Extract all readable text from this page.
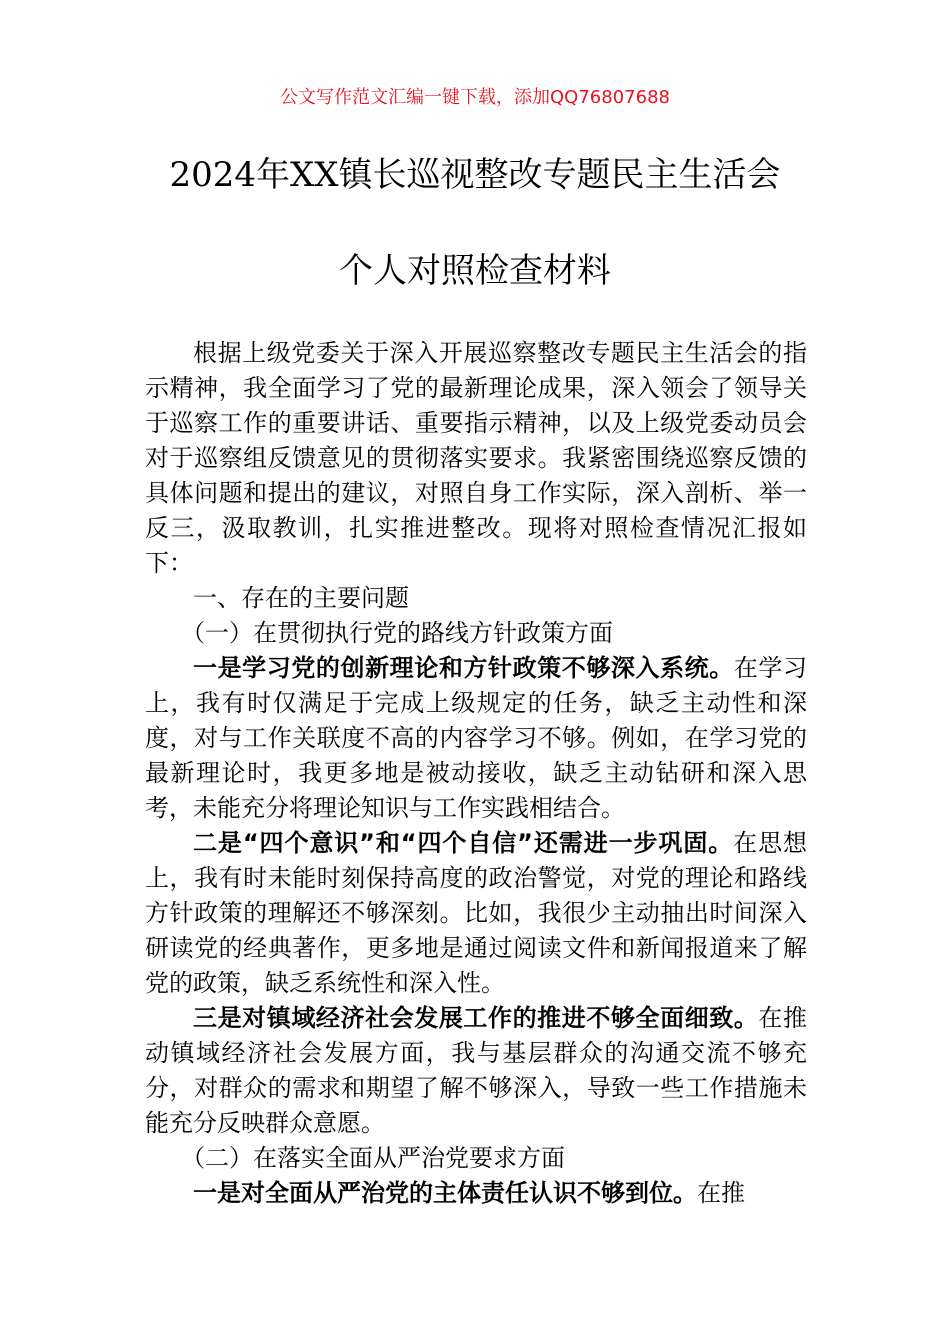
公文写作范文汇编一键下载，添加QQ76807688
2024年XX镇长巡视整改专题民主生活会
个人对照检查材料

根据上级党委关于深入开展巡察整改专题民主生活会的指示精神，我全面学习了党的最新理论成果，深入领会了领导关于巡察工作的重要讲话、重要指示精神，以及上级党委动员会对于巡察组反馈意见的贯彻落实要求。我紧密围绕巡察反馈的具体问题和提出的建议，对照自身工作实际，深入剖析、举一反三，汲取教训，扎实推进整改。现将对照检查情况汇报如下：

一、存在的主要问题

（一）在贯彻执行党的路线方针政策方面

一是学习党的创新理论和方针政策不够深入系统。在学习上，我有时仅满足于完成上级规定的任务，缺乏主动性和深度，对与工作关联度不高的内容学习不够。例如，在学习党的最新理论时，我更多地是被动接收，缺乏主动钻研和深入思考，未能充分将理论知识与工作实践相结合。

二是“四个意识”和“四个自信”还需进一步巩固。在思想上，我有时未能时刻保持高度的政治警觉，对党的理论和路线方针政策的理解还不够深刻。比如，我很少主动抽出时间深入研读党的经典著作，更多地是通过阅读文件和新闻报道来了解党的政策，缺乏系统性和深入性。

三是对镇域经济社会发展工作的推进不够全面细致。在推动镇域经济社会发展方面，我与基层群众的沟通交流不够充分，对群众的需求和期望了解不够深入，导致一些工作措施未能充分反映群众意愿。

（二）在落实全面从严治党要求方面

一是对全面从严治党的主体责任认识不够到位。在推
